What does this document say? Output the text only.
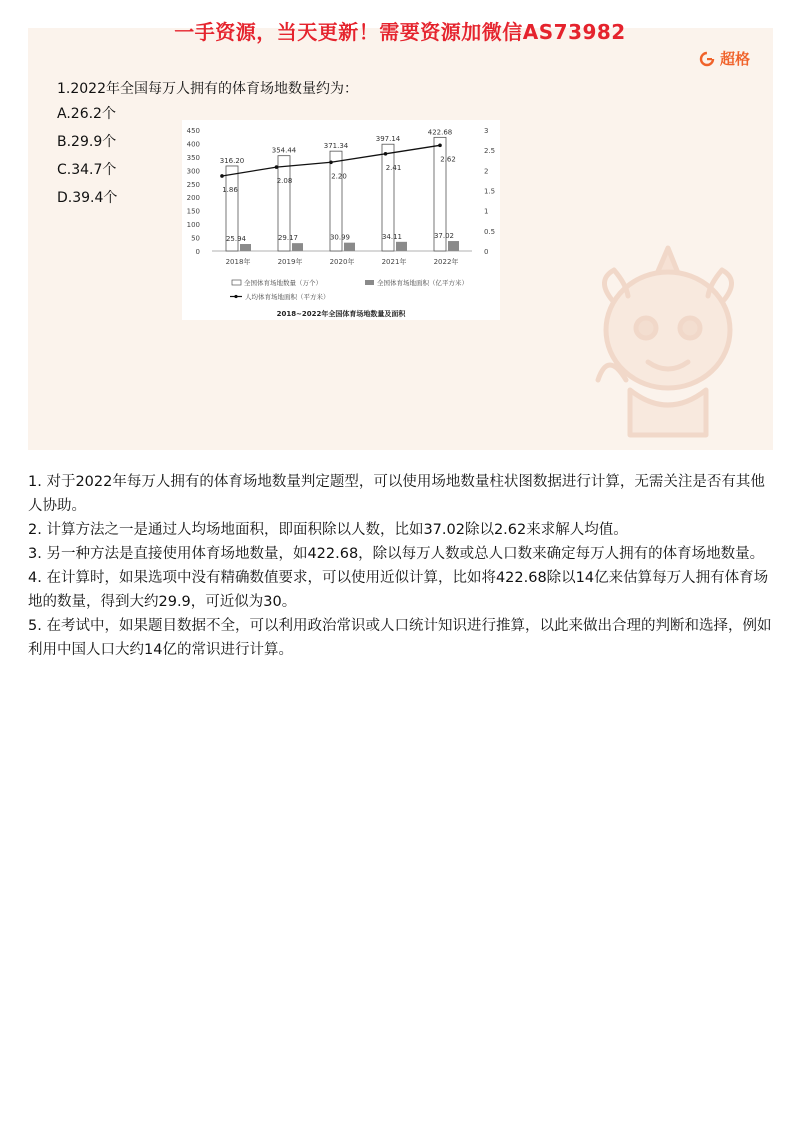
一手资源，当天更新！需要资源加微信AS73982
超格
1.2022年全国每万人拥有的体育场地数量约为：
A.26.2个
B.29.9个
C.34.7个
D.39.4个
0
50
100
150
200
250
300
350
400
450
0
0.5
1
1.5
2
2.5
3
316.20
25.94
2018年
354.44
29.17
2019年
371.34
30.99
2020年
397.14
34.11
2021年
422.68
37.02
2022年
1.86
2.08
2.20
2.41
2.62
全国体育场地数量（万个）	全国体育场地面积（亿平方米）
人均体育场地面积（平方米）
2018~2022年全国体育场地数量及面积

1. 对于2022年每万人拥有的体育场地数量判定题型，可以使用场地数量柱状图数据进行计算，无需关注是否有其他人协助。

2. 计算方法之一是通过人均场地面积，即面积除以人数，比如37.02除以2.62来求解人均值。

3. 另一种方法是直接使用体育场地数量，如422.68，除以每万人数或总人口数来确定每万人拥有的体育场地数量。

4. 在计算时，如果选项中没有精确数值要求，可以使用近似计算，比如将422.68除以14亿来估算每万人拥有体育场地的数量，得到大约29.9，可近似为30。

5. 在考试中，如果题目数据不全，可以利用政治常识或人口统计知识进行推算，以此来做出合理的判断和选择，例如利用中国人口大约14亿的常识进行计算。
